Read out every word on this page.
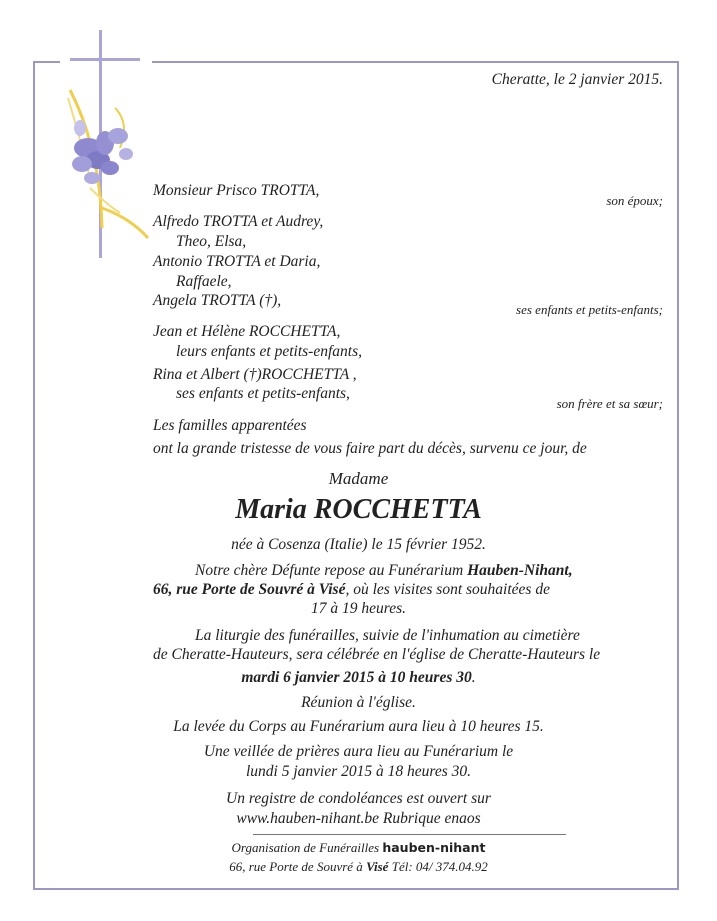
Cheratte, le 2 janvier 2015.
Monsieur Prisco TROTTA,
son époux;
Alfredo TROTTA et Audrey,
Theo, Elsa,
Antonio TROTTA et Daria,
Raffaele,
Angela TROTTA (†),
ses enfants et petits-enfants;
Jean et Hélène ROCCHETTA,
leurs enfants et petits-enfants,
Rina et Albert (†)ROCCHETTA ,
ses enfants et petits-enfants,
son frère et sa sœur;
Les familles apparentées
ont la grande tristesse de vous faire part du décès, survenu ce jour, de
Madame
Maria ROCCHETTA
née à Cosenza (Italie) le 15 février 1952.
Notre chère Défunte repose au Funérarium Hauben-Nihant,
66, rue Porte de Souvré à Visé, où les visites sont souhaitées de
17 à 19 heures.
La liturgie des funérailles, suivie de l'inhumation au cimetière
de Cheratte-Hauteurs, sera célébrée en l'église de Cheratte-Hauteurs le
mardi 6 janvier 2015 à 10 heures 30.
Réunion à l'église.
La levée du Corps au Funérarium aura lieu à 10 heures 15.
Une veillée de prières aura lieu au Funérarium le
lundi 5 janvier 2015 à 18 heures 30.
Un registre de condoléances est ouvert sur
www.hauben-nihant.be Rubrique enaos
Organisation de Funérailles hauben-nihant
66, rue Porte de Souvré à Visé Tél: 04/ 374.04.92
